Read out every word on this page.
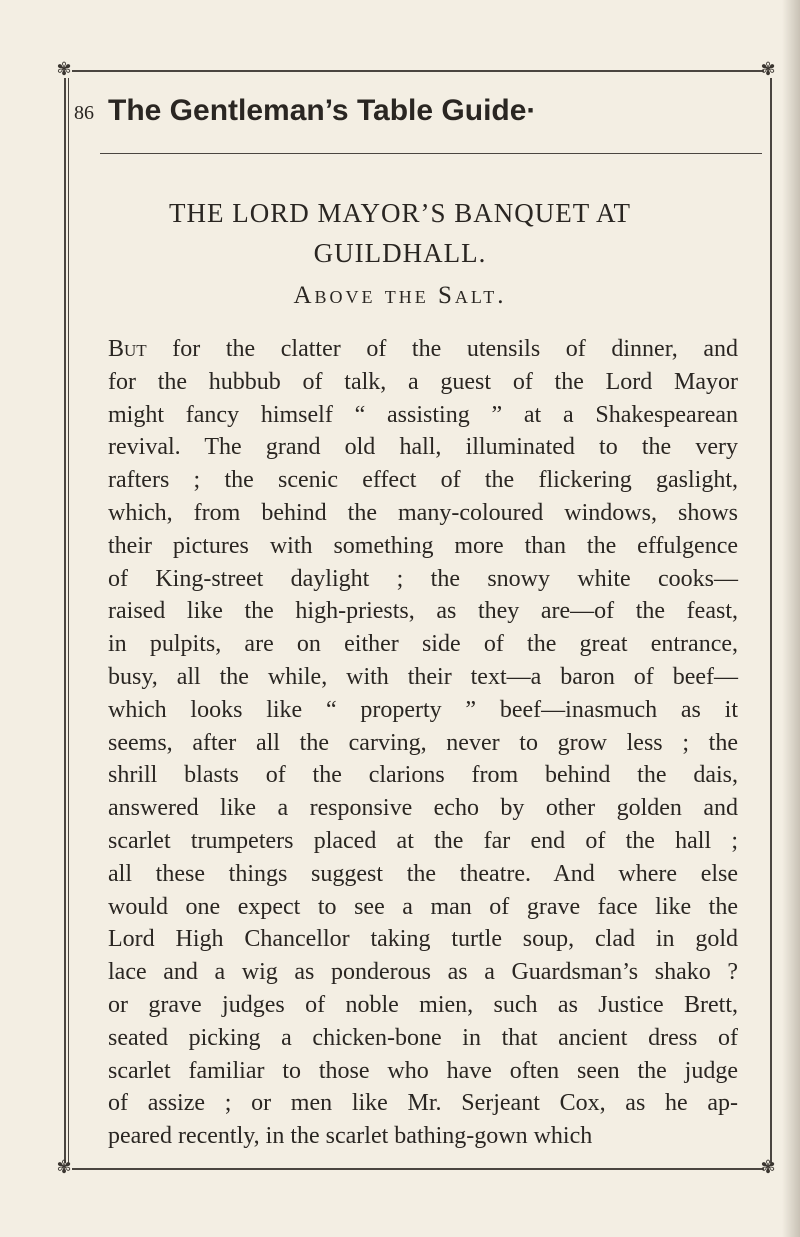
✾	✾
✾	✾
86 The Gentleman’s Table Guide·
THE LORD MAYOR’S BANQUET AT
GUILDHALL.
Above the Salt.
But for the clatter of the utensils of dinner, and
for the hubbub of talk, a guest of the Lord Mayor
might fancy himself “ assisting ” at a Shakespearean
revival. The grand old hall, illuminated to the very
rafters ; the scenic effect of the flickering gaslight,
which, from behind the many-coloured windows, shows
their pictures with something more than the effulgence
of King-street daylight ; the snowy white cooks—
raised like the high-priests, as they are—of the feast,
in pulpits, are on either side of the great entrance,
busy, all the while, with their text—a baron of beef—
which looks like “ property ” beef—inasmuch as it
seems, after all the carving, never to grow less ; the
shrill blasts of the clarions from behind the dais,
answered like a responsive echo by other golden and
scarlet trumpeters placed at the far end of the hall ;
all these things suggest the theatre. And where else
would one expect to see a man of grave face like the
Lord High Chancellor taking turtle soup, clad in gold
lace and a wig as ponderous as a Guardsman’s shako ?
or grave judges of noble mien, such as Justice Brett,
seated picking a chicken-bone in that ancient dress of
scarlet familiar to those who have often seen the judge
of assize ; or men like Mr. Serjeant Cox, as he ap-
peared recently, in the scarlet bathing-gown which
